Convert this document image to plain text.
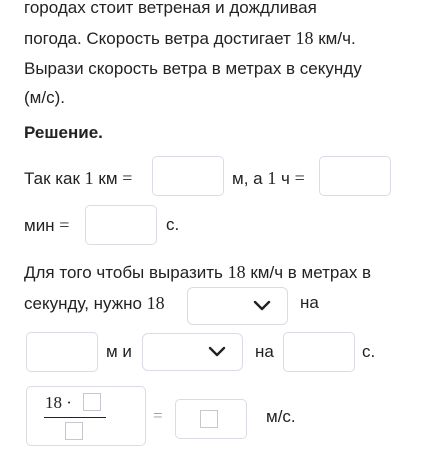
городах стоит ветреная и дождливая
погода. Скорость ветра достигает 18 км/ч.
Вырази скорость ветра в метрах в секунду
(м/с).
Решение.
Так как 1 км =	м, а 1 ч =
мин =	с.
Для того чтобы выразить 18 км/ч в метрах в
секунду, нужно 18	на
м и	на	с.
18 ·
=	м/с.
